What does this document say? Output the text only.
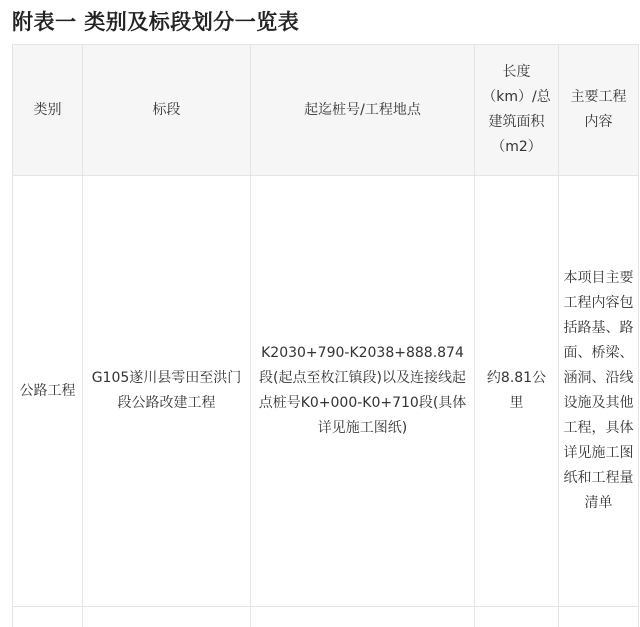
附表一 类别及标段划分一览表
类别	标段	起迄桩号/工程地点	长度（km）/总建筑面积（m2）	主要工程内容
公路工程	G105遂川县雩田至洪门段公路改建工程	K2030+790-K2038+888.874段(起点至枚江镇段)以及连接线起点桩号K0+000-K0+710段(具体详见施工图纸)	约8.81公里	本项目主要工程内容包括路基、路面、桥梁、涵洞、沿线设施及其他工程，具体详见施工图纸和工程量清单
